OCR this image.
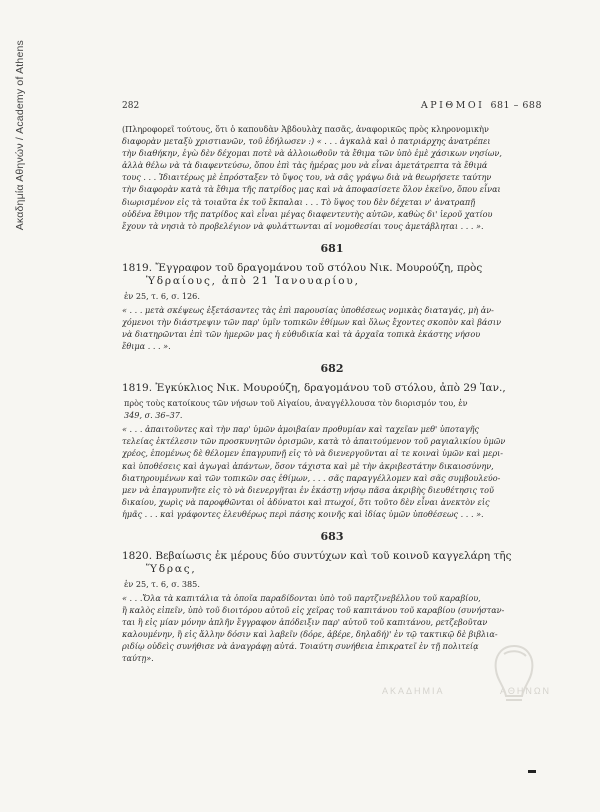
Ακαδημία Αθηνών / Academy of Athens	282	ΑΡΙΘΜΟΙ 681 – 688

(Πληροφορεῖ τούτους, ὅτι ὁ καπουδὰν Ἀβδουλὰχ πασᾶς, ἀναφορικῶς πρὸς κληρονομικὴν
διαφορὰν μεταξὺ χριστιανῶν, τοῦ ἐδήλωσεν :) « . . . ἀγκαλὰ καὶ ὁ πατριάρχης ἀνατρέπει
τὴν διαθήκην, ἐγὼ δὲν δέχομαι ποτὲ νὰ ἀλλοιωθοῦν τὰ ἔθιμα τῶν ὑπὸ ἐμὲ χάσικων νησίων,
ἀλλὰ θέλω νὰ τὰ διαφεντεύσω, ὅπου ἐπὶ τὰς ἡμέρας μου νὰ εἶναι ἀμετάτρεπτα τὰ ἔθιμά
τους . . . Ἰδιαιτέρως μὲ ἐπρόσταξεν τὸ ὕψος του, νὰ σᾶς γράψω διὰ νὰ θεωρήσετε ταύτην
τὴν διαφορὰν κατὰ τὰ ἔθιμα τῆς πατρίδος μας καὶ νὰ ἀποφασίσετε ὅλον ἐκεῖνο, ὅπου εἶναι
διωρισμένον εἰς τὰ τοιαῦτα ἐκ τοῦ ἔκπαλαι . . . Τὸ ὕψος του δὲν δέχεται ν' ἀνατραπῇ
οὐδένα ἔθιμον τῆς πατρίδος καὶ εἶναι μέγας διαφεντευτὴς αὐτῶν, καθὼς δι' ἱεροῦ χατίου
ἔχουν τὰ νησιὰ τὸ προβελέγιον νὰ φυλάττωνται αἱ νομοθεσίαι τους ἀμετάβληται . . . ».

681

1819. Ἔγγραφον τοῦ δραγομάνου τοῦ στόλου Νικ. Μουρούζη, πρὸς
Ὑδραίους, ἀπὸ 21 Ἰανουαρίου,

ἐν 25, τ. 6, σ. 126.

« . . . μετὰ σκέψεως ἐξετάσαντες τὰς ἐπὶ παρουσίας ὑποθέσεως νομικὰς διαταγάς, μὴ ἀν-
χόμενοι τὴν διάστρεψιν τῶν παρ' ὑμῖν τοπικῶν ἐθίμων καὶ ὅλως ἔχοντες σκοπὸν καὶ βάσιν
νὰ διατηρῶνται ἐπὶ τῶν ἡμερῶν μας ἡ εὐθυδικία καὶ τὰ ἀρχαῖα τοπικὰ ἑκάστης νήσου
ἔθιμα . . . ».

682

1819. Ἐγκύκλιος Νικ. Μουρούζη, δραγομάνου τοῦ στόλου, ἀπὸ 29 Ἰαν.,

πρὸς τοὺς κατοίκους τῶν νήσων τοῦ Αἰγαίου, ἀναγγέλλουσα τὸν διορισμόν του, ἐν
349, σ. 36–37.

« . . . ἀπαιτοῦντες καὶ τὴν παρ' ὑμῶν ἀμοιβαίαν προθυμίαν καὶ ταχεῖαν μεθ' ὑποταγῆς
τελείας ἐκτέλεσιν τῶν προσκυνητῶν ὁρισμῶν, κατὰ τὸ ἀπαιτούμενον τοῦ ραγιαλικίου ὑμῶν
χρέος, ἑπομένως δὲ θέλομεν ἐπαγρυπνῇ εἰς τὸ νὰ διενεργοῦνται αἱ τε κοιναὶ ὑμῶν καὶ μερι-
καὶ ὑποθέσεις καὶ ἀγωγαὶ ἁπάντων, ὅσον τάχιστα καὶ μὲ τὴν ἀκριβεστάτην δικαιοσύνην,
διατηρουμένων καὶ τῶν τοπικῶν σας ἐθίμων, . . . σᾶς παραγγέλλομεν καὶ σᾶς συμβουλεύο-
μεν νὰ ἐπαγρυπνῆτε εἰς τὸ νὰ διενεργῆται ἐν ἑκάστῃ νήσῳ πᾶσα ἀκριβὴς διευθέτησις τοῦ
δικαίου, χωρὶς νὰ παροφθῶνται οἱ ἀδύνατοι καὶ πτωχοί, ὅτι τοῦτο δὲν εἶναι ἀνεκτὸν εἰς
ἡμᾶς . . . καὶ γράφοντες ἐλευθέρως περὶ πάσης κοινῆς καὶ ἰδίας ὑμῶν ὑποθέσεως . . . ».

683

1820. Βεβαίωσις ἐκ μέρους δύο συντύχων καὶ τοῦ κοινοῦ καγγελάρη τῆς
Ὕδρας,

ἐν 25, τ. 6, σ. 385.

« . . .Ὅλα τὰ καπιτάλια τὰ ὁποῖα παραδίδονται ὑπὸ τοῦ παρτζινεβέλλου τοῦ καραβίου,
ἢ καλὸς εἰπεῖν, ὑπὸ τοῦ διοιτόρου αὐτοῦ εἰς χεῖρας τοῦ καπιτάνου τοῦ καραβίου (συνήσταν-
ται ἢ εἰς μίαν μόνην ἁπλῆν ἔγγραφον ἀπόδειξιν παρ' αὐτοῦ τοῦ καπιτάνου, ρετζεβοῦταν
καλουμένην, ἢ εἰς ἄλλην δόσιν καὶ λαβεῖν (δόρε, ἀβέρε, δηλαδή)' ἐν τῷ τακτικῷ δὲ βιβλια-
ριδίῳ οὐδεὶς συνήθισε νὰ ἀναγράφῃ αὐτά. Τοιαύτη συνήθεια ἐπικρατεῖ ἐν τῇ πολιτείᾳ
ταύτῃ».

ΑΚΑΔΗΜΙΑ	ΑΘΗΝΩΝ
